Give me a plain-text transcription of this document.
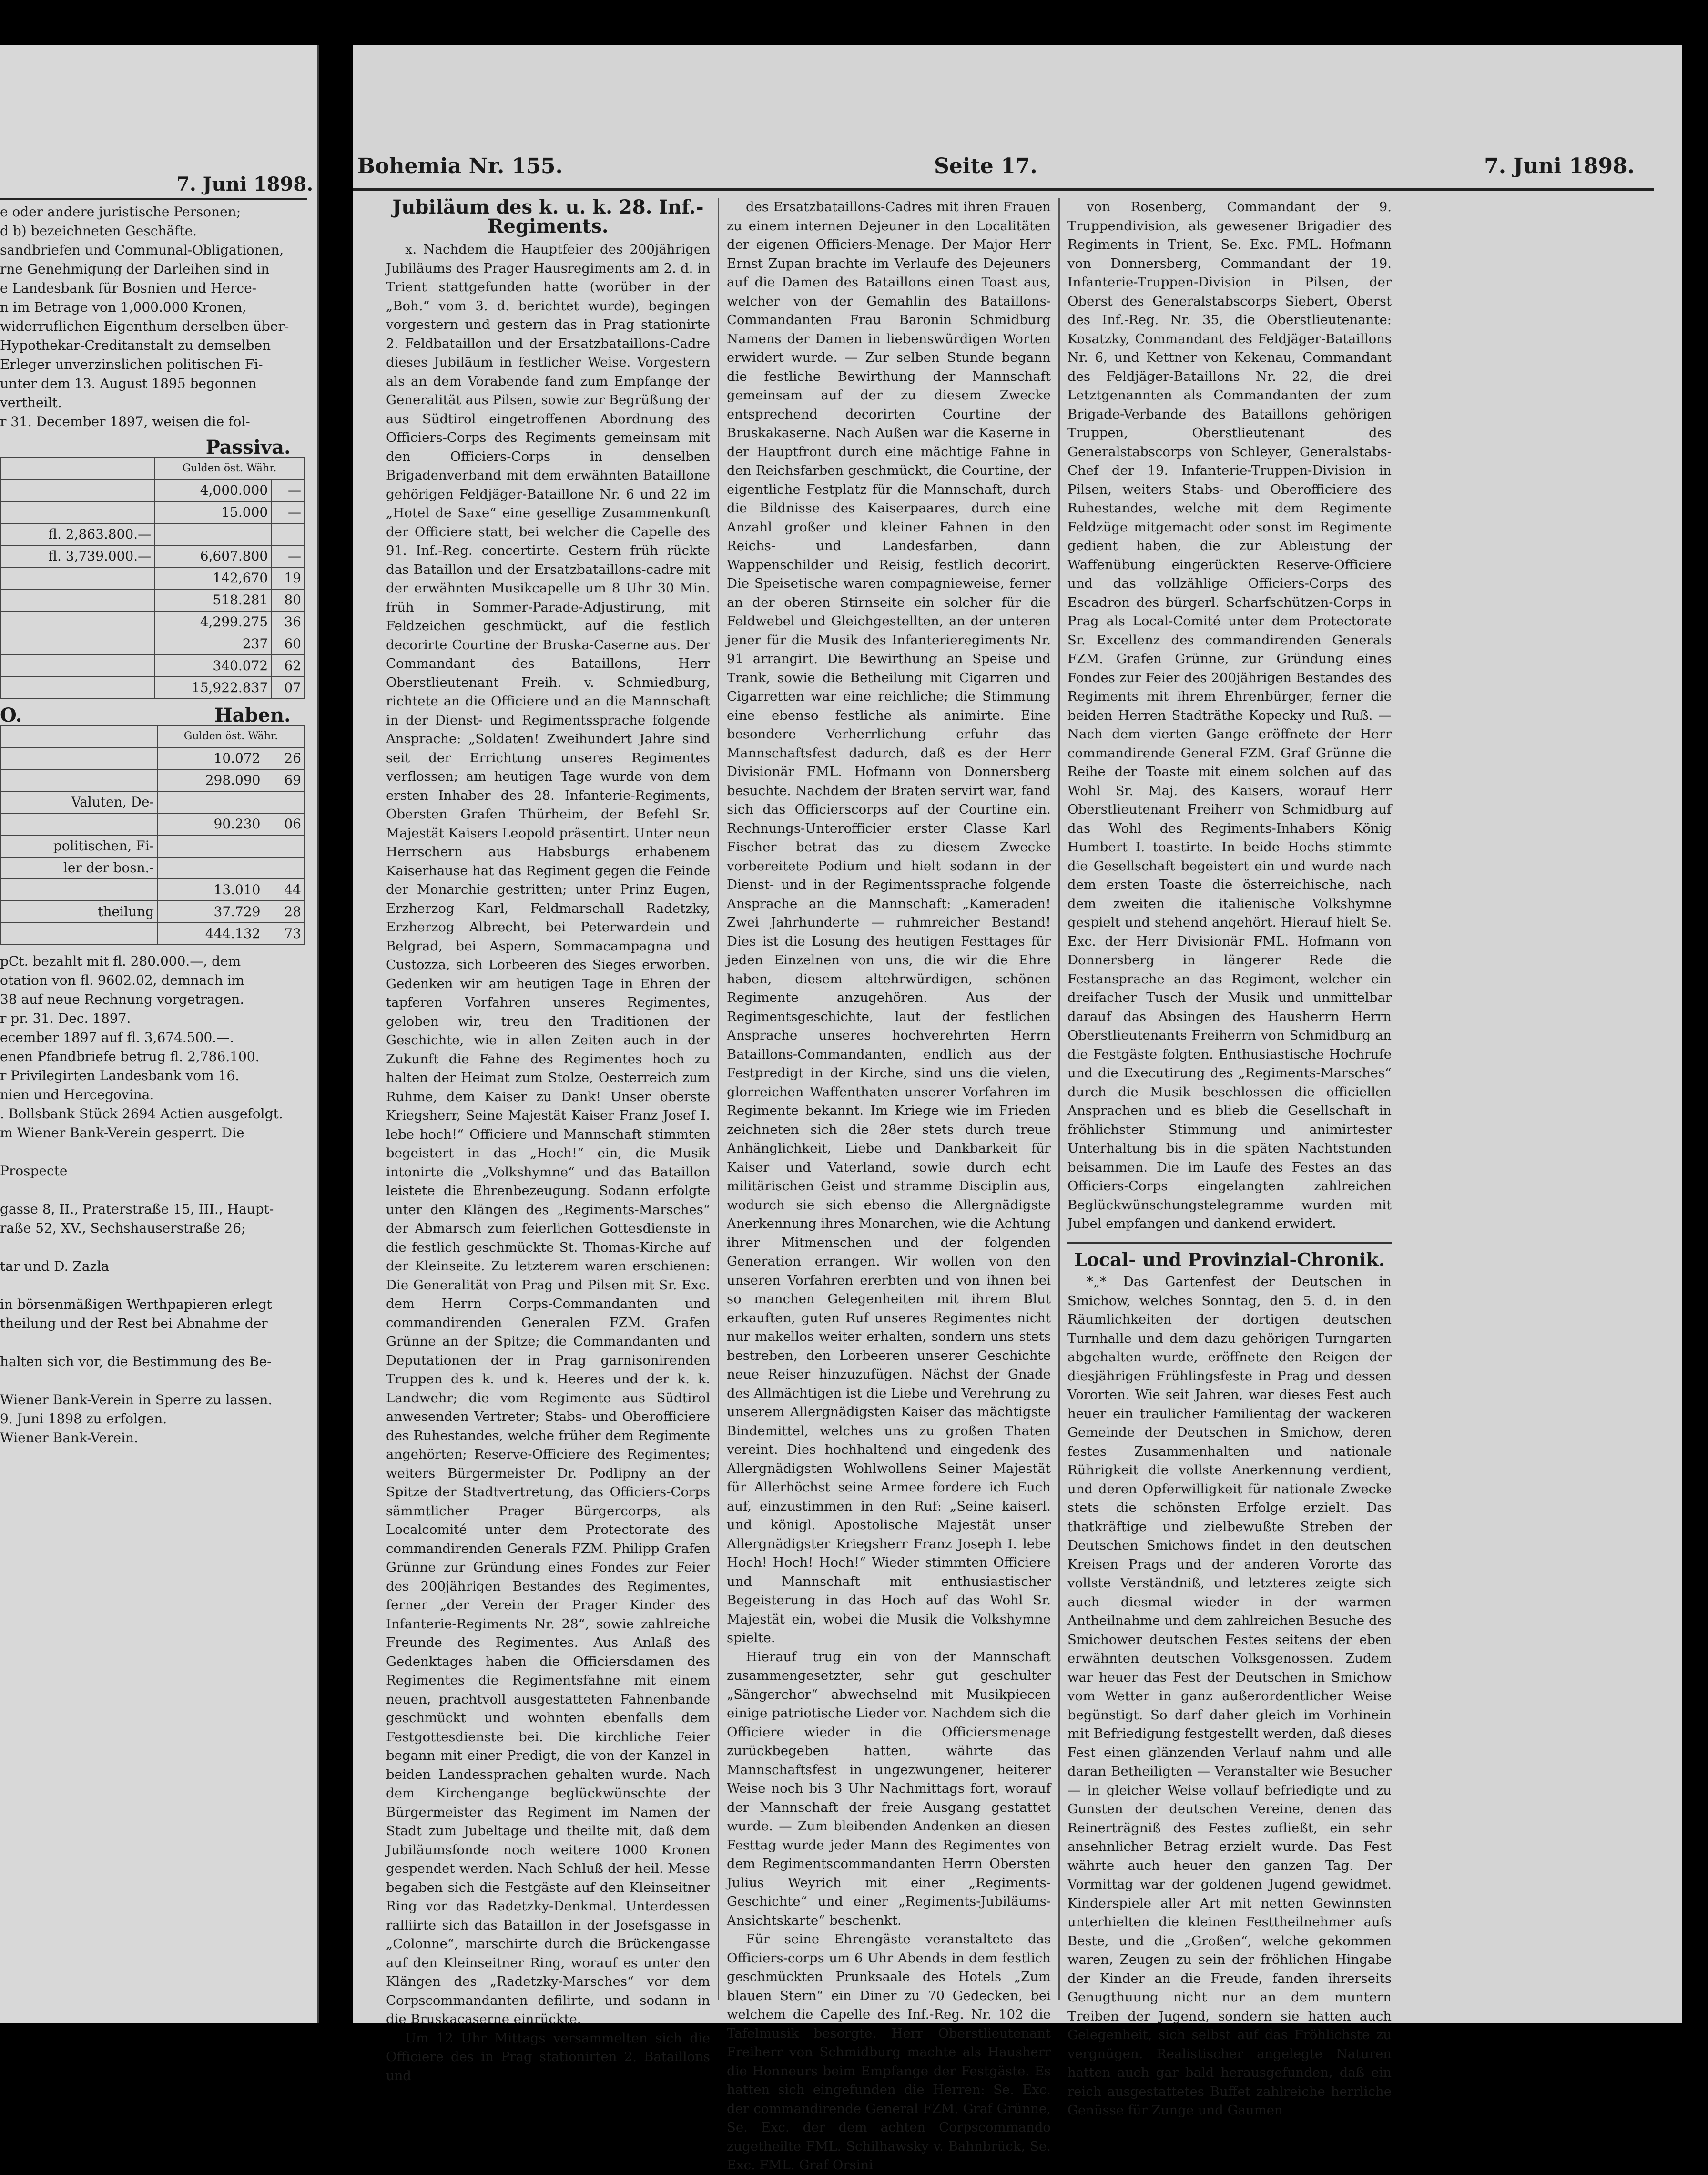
7. Juni 1898.
e oder andere juristische Personen;
d b) bezeichneten Geschäfte.
sandbriefen und Communal-Obligationen,
rne Genehmigung der Darleihen sind in
e Landesbank für Bosnien und Herce-
n im Betrage von 1,000.000 Kronen,
widerruflichen Eigenthum derselben über-
Hypothekar-Creditanstalt zu demselben
Erleger unverzinslichen politischen Fi-
unter dem 13. August 1895 begonnen
vertheilt.
r 31. December 1897, weisen die fol-
Passiva.
	Gulden öst. Währ.	
	4,000.000	—
	15.000	—
fl. 2,863.800.—		
fl. 3,739.000.—	6,607.800	—
	142,670	19
	518.281	80
	4,299.275	36
	237	60
	340.072	62
	15,922.837	07
O.	Haben.
	Gulden öst. Währ.	
	10.072	26
	298.090	69
Valuten, De-		
	90.230	06
politischen, Fi-		
ler der bosn.-		
	13.010	44
theilung	37.729	28
	444.132	73
pCt. bezahlt mit fl. 280.000.—, dem
otation von fl. 9602.02, demnach im
38 auf neue Rechnung vorgetragen.
r pr. 31. Dec. 1897.
ecember 1897 auf fl. 3,674.500.—.
enen Pfandbriefe betrug fl. 2,786.100.
r Privilegirten Landesbank vom 16.
nien und Hercegovina.
. Bollsbank Stück 2694 Actien ausgefolgt.
m Wiener Bank-Verein gesperrt. Die

Prospecte

gasse 8, II., Praterstraße 15, III., Haupt-
raße 52, XV., Sechshauserstraße 26;

tar und D. Zazla

in börsenmäßigen Werthpapieren erlegt
theilung und der Rest bei Abnahme der

halten sich vor, die Bestimmung des Be-

Wiener Bank-Verein in Sperre zu lassen.
9. Juni 1898 zu erfolgen.
Wiener Bank-Verein.
Bohemia Nr. 155.	Seite 17.	7. Juni 1898.
Jubiläum des k. u. k. 28. Inf.-Regiments.

x. Nachdem die Hauptfeier des 200jährigen Jubiläums des Prager Hausregiments am 2. d. in Trient stattgefunden hatte (worüber in der „Boh.“ vom 3. d. berichtet wurde), begingen vorgestern und gestern das in Prag stationirte 2. Feldbataillon und der Ersatzbataillons-Cadre dieses Jubiläum in festlicher Weise. Vorgestern als an dem Vorabende fand zum Empfange der Generalität aus Pilsen, sowie zur Begrüßung der aus Südtirol eingetroffenen Abordnung des Officiers-Corps des Regiments gemeinsam mit den Officiers-Corps in denselben Brigadenverband mit dem erwähnten Bataillone gehörigen Feldjäger-Bataillone Nr. 6 und 22 im „Hotel de Saxe“ eine gesellige Zusammenkunft der Officiere statt, bei welcher die Capelle des 91. Inf.-Reg. concertirte. Gestern früh rückte das Bataillon und der Ersatzbataillons-cadre mit der erwähnten Musikcapelle um 8 Uhr 30 Min. früh in Sommer-Parade-Adjustirung, mit Feldzeichen geschmückt, auf die festlich decorirte Courtine der Bruska-Caserne aus. Der Commandant des Bataillons, Herr Oberstlieutenant Freih. v. Schmiedburg, richtete an die Officiere und an die Mannschaft in der Dienst- und Regimentssprache folgende Ansprache: „Soldaten! Zweihundert Jahre sind seit der Errichtung unseres Regimentes verflossen; am heutigen Tage wurde von dem ersten Inhaber des 28. Infanterie-Regiments, Obersten Grafen Thürheim, der Befehl Sr. Majestät Kaisers Leopold präsentirt. Unter neun Herrschern aus Habsburgs erhabenem Kaiserhause hat das Regiment gegen die Feinde der Monarchie gestritten; unter Prinz Eugen, Erzherzog Karl, Feldmarschall Radetzky, Erzherzog Albrecht, bei Peterwardein und Belgrad, bei Aspern, Sommacampagna und Custozza, sich Lorbeeren des Sieges erworben. Gedenken wir am heutigen Tage in Ehren der tapferen Vorfahren unseres Regimentes, geloben wir, treu den Traditionen der Geschichte, wie in allen Zeiten auch in der Zukunft die Fahne des Regimentes hoch zu halten der Heimat zum Stolze, Oesterreich zum Ruhme, dem Kaiser zu Dank! Unser oberste Kriegsherr, Seine Majestät Kaiser Franz Josef I. lebe hoch!“ Officiere und Mannschaft stimmten begeistert in das „Hoch!“ ein, die Musik intonirte die „Volkshymne“ und das Bataillon leistete die Ehrenbezeugung. Sodann erfolgte unter den Klängen des „Regiments-Marsches“ der Abmarsch zum feierlichen Gottesdienste in die festlich geschmückte St. Thomas-Kirche auf der Kleinseite. Zu letzterem waren erschienen: Die Generalität von Prag und Pilsen mit Sr. Exc. dem Herrn Corps-Commandanten und commandirenden Generalen FZM. Grafen Grünne an der Spitze; die Commandanten und Deputationen der in Prag garnisonirenden Truppen des k. und k. Heeres und der k. k. Landwehr; die vom Regimente aus Südtirol anwesenden Vertreter; Stabs- und Oberofficiere des Ruhestandes, welche früher dem Regimente angehörten; Reserve-Officiere des Regimentes; weiters Bürgermeister Dr. Podlipny an der Spitze der Stadtvertretung, das Officiers-Corps sämmtlicher Prager Bürgercorps, als Localcomité unter dem Protectorate des commandirenden Generals FZM. Philipp Grafen Grünne zur Gründung eines Fondes zur Feier des 200jährigen Bestandes des Regimentes, ferner „der Verein der Prager Kinder des Infanterie-Regiments Nr. 28“, sowie zahlreiche Freunde des Regimentes. Aus Anlaß des Gedenktages haben die Officiersdamen des Regimentes die Regimentsfahne mit einem neuen, prachtvoll ausgestatteten Fahnenbande geschmückt und wohnten ebenfalls dem Festgottesdienste bei. Die kirchliche Feier begann mit einer Predigt, die von der Kanzel in beiden Landessprachen gehalten wurde. Nach dem Kirchengange beglückwünschte der Bürgermeister das Regiment im Namen der Stadt zum Jubeltage und theilte mit, daß dem Jubiläumsfonde noch weitere 1000 Kronen gespendet werden. Nach Schluß der heil. Messe begaben sich die Festgäste auf den Kleinseitner Ring vor das Radetzky-Denkmal. Unterdessen ralliirte sich das Bataillon in der Josefsgasse in „Colonne“, marschirte durch die Brückengasse auf den Kleinseitner Ring, worauf es unter den Klängen des „Radetzky-Marsches“ vor dem Corpscommandanten defilirte, und sodann in die Bruskacaserne einrückte.

Um 12 Uhr Mittags versammelten sich die Officiere des in Prag stationirten 2. Bataillons und

des Ersatzbataillons-Cadres mit ihren Frauen zu einem internen Dejeuner in den Localitäten der eigenen Officiers-Menage. Der Major Herr Ernst Zupan brachte im Verlaufe des Dejeuners auf die Damen des Bataillons einen Toast aus, welcher von der Gemahlin des Bataillons-Commandanten Frau Baronin Schmidburg Namens der Damen in liebenswürdigen Worten erwidert wurde. — Zur selben Stunde begann die festliche Bewirthung der Mannschaft gemeinsam auf der zu diesem Zwecke entsprechend decorirten Courtine der Bruskakaserne. Nach Außen war die Kaserne in der Hauptfront durch eine mächtige Fahne in den Reichsfarben geschmückt, die Courtine, der eigentliche Festplatz für die Mannschaft, durch die Bildnisse des Kaiserpaares, durch eine Anzahl großer und kleiner Fahnen in den Reichs- und Landesfarben, dann Wappenschilder und Reisig, festlich decorirt. Die Speisetische waren compagnieweise, ferner an der oberen Stirnseite ein solcher für die Feldwebel und Gleichgestellten, an der unteren jener für die Musik des Infanterieregiments Nr. 91 arrangirt. Die Bewirthung an Speise und Trank, sowie die Betheilung mit Cigarren und Cigarretten war eine reichliche; die Stimmung eine ebenso festliche als animirte. Eine besondere Verherrlichung erfuhr das Mannschaftsfest dadurch, daß es der Herr Divisionär FML. Hofmann von Donnersberg besuchte. Nachdem der Braten servirt war, fand sich das Officierscorps auf der Courtine ein. Rechnungs-Unterofficier erster Classe Karl Fischer betrat das zu diesem Zwecke vorbereitete Podium und hielt sodann in der Dienst- und in der Regimentssprache folgende Ansprache an die Mannschaft: „Kameraden! Zwei Jahrhunderte — ruhmreicher Bestand! Dies ist die Losung des heutigen Festtages für jeden Einzelnen von uns, die wir die Ehre haben, diesem altehrwürdigen, schönen Regimente anzugehören. Aus der Regimentsgeschichte, laut der festlichen Ansprache unseres hochverehrten Herrn Bataillons-Commandanten, endlich aus der Festpredigt in der Kirche, sind uns die vielen, glorreichen Waffenthaten unserer Vorfahren im Regimente bekannt. Im Kriege wie im Frieden zeichneten sich die 28er stets durch treue Anhänglichkeit, Liebe und Dankbarkeit für Kaiser und Vaterland, sowie durch echt militärischen Geist und stramme Disciplin aus, wodurch sie sich ebenso die Allergnädigste Anerkennung ihres Monarchen, wie die Achtung ihrer Mitmenschen und der folgenden Generation errangen. Wir wollen von den unseren Vorfahren ererbten und von ihnen bei so manchen Gelegenheiten mit ihrem Blut erkauften, guten Ruf unseres Regimentes nicht nur makellos weiter erhalten, sondern uns stets bestreben, den Lorbeeren unserer Geschichte neue Reiser hinzuzufügen. Nächst der Gnade des Allmächtigen ist die Liebe und Verehrung zu unserem Allergnädigsten Kaiser das mächtigste Bindemittel, welches uns zu großen Thaten vereint. Dies hochhaltend und eingedenk des Allergnädigsten Wohlwollens Seiner Majestät für Allerhöchst seine Armee fordere ich Euch auf, einzustimmen in den Ruf: „Seine kaiserl. und königl. Apostolische Majestät unser Allergnädigster Kriegsherr Franz Joseph I. lebe Hoch! Hoch! Hoch!“ Wieder stimmten Officiere und Mannschaft mit enthusiastischer Begeisterung in das Hoch auf das Wohl Sr. Majestät ein, wobei die Musik die Volkshymne spielte.

Hierauf trug ein von der Mannschaft zusammengesetzter, sehr gut geschulter „Sängerchor“ abwechselnd mit Musikpiecen einige patriotische Lieder vor. Nachdem sich die Officiere wieder in die Officiersmenage zurückbegeben hatten, währte das Mannschaftsfest in ungezwungener, heiterer Weise noch bis 3 Uhr Nachmittags fort, worauf der Mannschaft der freie Ausgang gestattet wurde. — Zum bleibenden Andenken an diesen Festtag wurde jeder Mann des Regimentes von dem Regimentscommandanten Herrn Obersten Julius Weyrich mit einer „Regiments-Geschichte“ und einer „Regiments-Jubiläums-Ansichtskarte“ beschenkt.

Für seine Ehrengäste veranstaltete das Officiers-corps um 6 Uhr Abends in dem festlich geschmückten Prunksaale des Hotels „Zum blauen Stern“ ein Diner zu 70 Gedecken, bei welchem die Capelle des Inf.-Reg. Nr. 102 die Tafelmusik besorgte. Herr Oberstlieutenant Freiherr von Schmidburg machte als Hausherr die Honneurs beim Empfange der Festgäste. Es hatten sich eingefunden die Herren: Se. Exc. der commandirende General FZM. Graf Grünne, Se. Exc. der dem achten Corpscommando zugetheilte FML. Schilhawsky v. Bahnbrück, Se. Exc. FML. Graf Orsini

von Rosenberg, Commandant der 9. Truppendivision, als gewesener Brigadier des Regiments in Trient, Se. Exc. FML. Hofmann von Donnersberg, Commandant der 19. Infanterie-Truppen-Division in Pilsen, der Oberst des Generalstabscorps Siebert, Oberst des Inf.-Reg. Nr. 35, die Oberstlieutenante: Kosatzky, Commandant des Feldjäger-Bataillons Nr. 6, und Kettner von Kekenau, Commandant des Feldjäger-Bataillons Nr. 22, die drei Letztgenannten als Commandanten der zum Brigade-Verbande des Bataillons gehörigen Truppen, Oberstlieutenant des Generalstabscorps von Schleyer, Generalstabs-Chef der 19. Infanterie-Truppen-Division in Pilsen, weiters Stabs- und Oberofficiere des Ruhestandes, welche mit dem Regimente Feldzüge mitgemacht oder sonst im Regimente gedient haben, die zur Ableistung der Waffenübung eingerückten Reserve-Officiere und das vollzählige Officiers-Corps des Escadron des bürgerl. Scharfschützen-Corps in Prag als Local-Comité unter dem Protectorate Sr. Excellenz des commandirenden Generals FZM. Grafen Grünne, zur Gründung eines Fondes zur Feier des 200jährigen Bestandes des Regiments mit ihrem Ehrenbürger, ferner die beiden Herren Stadträthe Kopecky und Ruß. — Nach dem vierten Gange eröffnete der Herr commandirende General FZM. Graf Grünne die Reihe der Toaste mit einem solchen auf das Wohl Sr. Maj. des Kaisers, worauf Herr Oberstlieutenant Freiherr von Schmidburg auf das Wohl des Regiments-Inhabers König Humbert I. toastirte. In beide Hochs stimmte die Gesellschaft begeistert ein und wurde nach dem ersten Toaste die österreichische, nach dem zweiten die italienische Volkshymne gespielt und stehend angehört. Hierauf hielt Se. Exc. der Herr Divisionär FML. Hofmann von Donnersberg in längerer Rede die Festansprache an das Regiment, welcher ein dreifacher Tusch der Musik und unmittelbar darauf das Absingen des Hausherrn Herrn Oberstlieutenants Freiherrn von Schmidburg an die Festgäste folgten. Enthusiastische Hochrufe und die Executirung des „Regiments-Marsches“ durch die Musik beschlossen die officiellen Ansprachen und es blieb die Gesellschaft in fröhlichster Stimmung und animirtester Unterhaltung bis in die späten Nachtstunden beisammen. Die im Laufe des Festes an das Officiers-Corps eingelangten zahlreichen Beglückwünschungstelegramme wurden mit Jubel empfangen und dankend erwidert.

Local- und Provinzial-Chronik.

*„* Das Gartenfest der Deutschen in Smichow, welches Sonntag, den 5. d. in den Räumlichkeiten der dortigen deutschen Turnhalle und dem dazu gehörigen Turngarten abgehalten wurde, eröffnete den Reigen der diesjährigen Frühlingsfeste in Prag und dessen Vororten. Wie seit Jahren, war dieses Fest auch heuer ein traulicher Familientag der wackeren Gemeinde der Deutschen in Smichow, deren festes Zusammenhalten und nationale Rührigkeit die vollste Anerkennung verdient, und deren Opferwilligkeit für nationale Zwecke stets die schönsten Erfolge erzielt. Das thatkräftige und zielbewußte Streben der Deutschen Smichows findet in den deutschen Kreisen Prags und der anderen Vororte das vollste Verständniß, und letzteres zeigte sich auch diesmal wieder in der warmen Antheilnahme und dem zahlreichen Besuche des Smichower deutschen Festes seitens der eben erwähnten deutschen Volksgenossen. Zudem war heuer das Fest der Deutschen in Smichow vom Wetter in ganz außerordentlicher Weise begünstigt. So darf daher gleich im Vorhinein mit Befriedigung festgestellt werden, daß dieses Fest einen glänzenden Verlauf nahm und alle daran Betheiligten — Veranstalter wie Besucher — in gleicher Weise vollauf befriedigte und zu Gunsten der deutschen Vereine, denen das Reinerträgniß des Festes zufließt, ein sehr ansehnlicher Betrag erzielt wurde. Das Fest währte auch heuer den ganzen Tag. Der Vormittag war der goldenen Jugend gewidmet. Kinderspiele aller Art mit netten Gewinnsten unterhielten die kleinen Festtheilnehmer aufs Beste, und die „Großen“, welche gekommen waren, Zeugen zu sein der fröhlichen Hingabe der Kinder an die Freude, fanden ihrerseits Genugthuung nicht nur an dem muntern Treiben der Jugend, sondern sie hatten auch Gelegenheit, sich selbst auf das Fröhlichste zu vergnügen. Realistischer angelegte Naturen hatten auch gar bald herausgefunden, daß ein reich ausgestattetes Buffet zahlreiche herrliche Genüsse für Zunge und Gaumen
